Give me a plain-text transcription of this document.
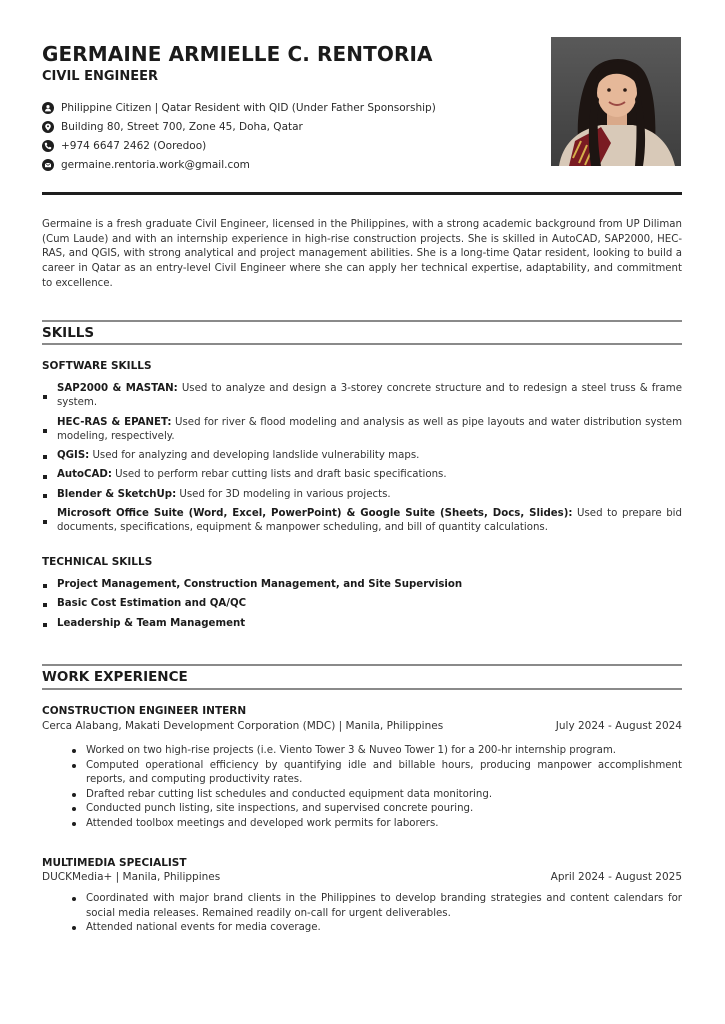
GERMAINE ARMIELLE C. RENTORIA
CIVIL ENGINEER
Philippine Citizen | Qatar Resident with QID (Under Father Sponsorship)
Building 80, Street 700, Zone 45, Doha, Qatar
+974 6647 2462 (Ooredoo)
germaine.rentoria.work@gmail.com

Germaine is a fresh graduate Civil Engineer, licensed in the Philippines, with a strong academic background from UP Diliman (Cum Laude) and with an internship experience in high-rise construction projects. She is skilled in AutoCAD, SAP2000, HEC-RAS, and QGIS, with strong analytical and project management abilities. She is a long-time Qatar resident, looking to build a career in Qatar as an entry-level Civil Engineer where she can apply her technical expertise, adaptability, and commitment to excellence.

SKILLS
SOFTWARE SKILLS
SAP2000 & MASTAN: Used to analyze and design a 3-storey concrete structure and to redesign a steel truss & frame system.
HEC-RAS & EPANET: Used for river & flood modeling and analysis as well as pipe layouts and water distribution system modeling, respectively.
QGIS: Used for analyzing and developing landslide vulnerability maps.
AutoCAD: Used to perform rebar cutting lists and draft basic specifications.
Blender & SketchUp: Used for 3D modeling in various projects.
Microsoft Office Suite (Word, Excel, PowerPoint) & Google Suite (Sheets, Docs, Slides): Used to prepare bid documents, specifications, equipment & manpower scheduling, and bill of quantity calculations.
TECHNICAL SKILLS
Project Management, Construction Management, and Site Supervision
Basic Cost Estimation and QA/QC
Leadership & Team Management
WORK EXPERIENCE
CONSTRUCTION ENGINEER INTERN
Cerca Alabang, Makati Development Corporation (MDC) | Manila, Philippines	July 2024 - August 2024
Worked on two high-rise projects (i.e. Viento Tower 3 & Nuveo Tower 1) for a 200-hr internship program.
Computed operational efficiency by quantifying idle and billable hours, producing manpower accomplishment reports, and computing productivity rates.
Drafted rebar cutting list schedules and conducted equipment data monitoring.
Conducted punch listing, site inspections, and supervised concrete pouring.
Attended toolbox meetings and developed work permits for laborers.
MULTIMEDIA SPECIALIST
DUCKMedia+ | Manila, Philippines	April 2024 - August 2025
Coordinated with major brand clients in the Philippines to develop branding strategies and content calendars for social media releases. Remained readily on-call for urgent deliverables.
Attended national events for media coverage.
